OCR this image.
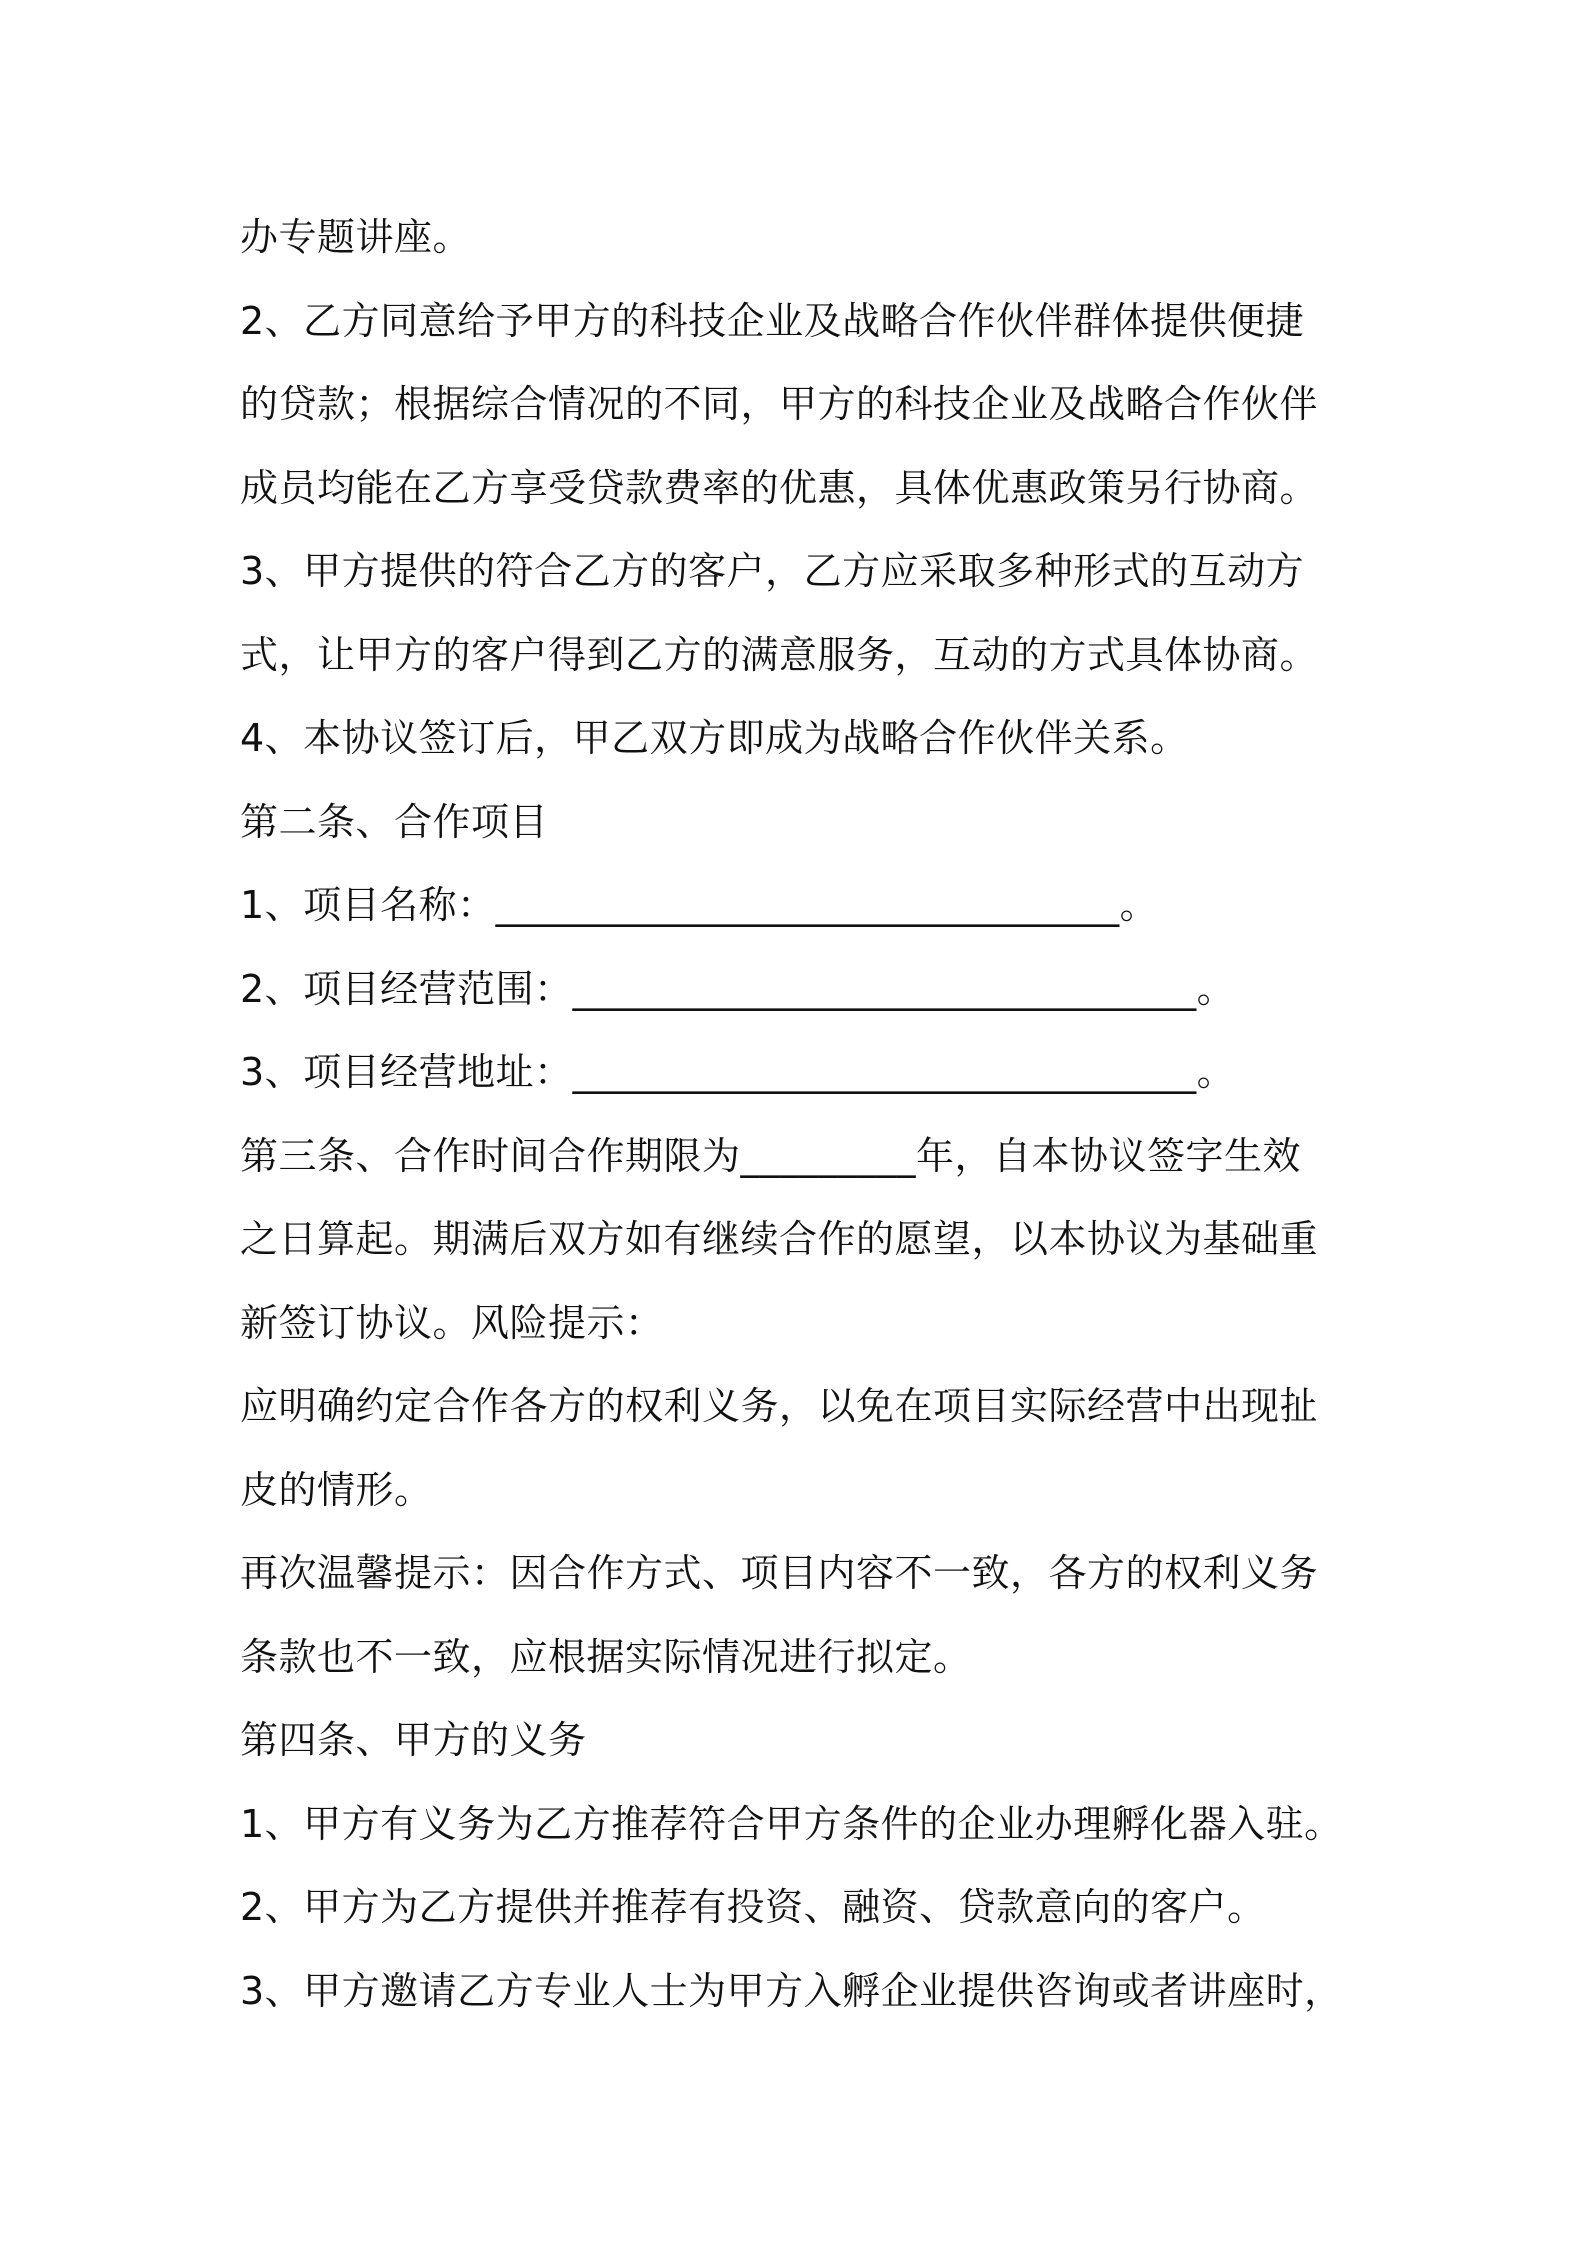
办专题讲座。

2、乙方同意给予甲方的科技企业及战略合作伙伴群体提供便捷

的贷款；根据综合情况的不同，甲方的科技企业及战略合作伙伴

成员均能在乙方享受贷款费率的优惠，具体优惠政策另行协商。

3、甲方提供的符合乙方的客户，乙方应采取多种形式的互动方

式，让甲方的客户得到乙方的满意服务，互动的方式具体协商。

4、本协议签订后，甲乙双方即成为战略合作伙伴关系。

第二条、合作项目

1、项目名称：________________________________。

2、项目经营范围：________________________________。

3、项目经营地址：________________________________。

第三条、合作时间合作期限为_________年，自本协议签字生效

之日算起。期满后双方如有继续合作的愿望，以本协议为基础重

新签订协议。风险提示：

应明确约定合作各方的权利义务，以免在项目实际经营中出现扯

皮的情形。

再次温馨提示：因合作方式、项目内容不一致，各方的权利义务

条款也不一致，应根据实际情况进行拟定。

第四条、甲方的义务

1、甲方有义务为乙方推荐符合甲方条件的企业办理孵化器入驻。

2、甲方为乙方提供并推荐有投资、融资、贷款意向的客户。

3、甲方邀请乙方专业人士为甲方入孵企业提供咨询或者讲座时，
